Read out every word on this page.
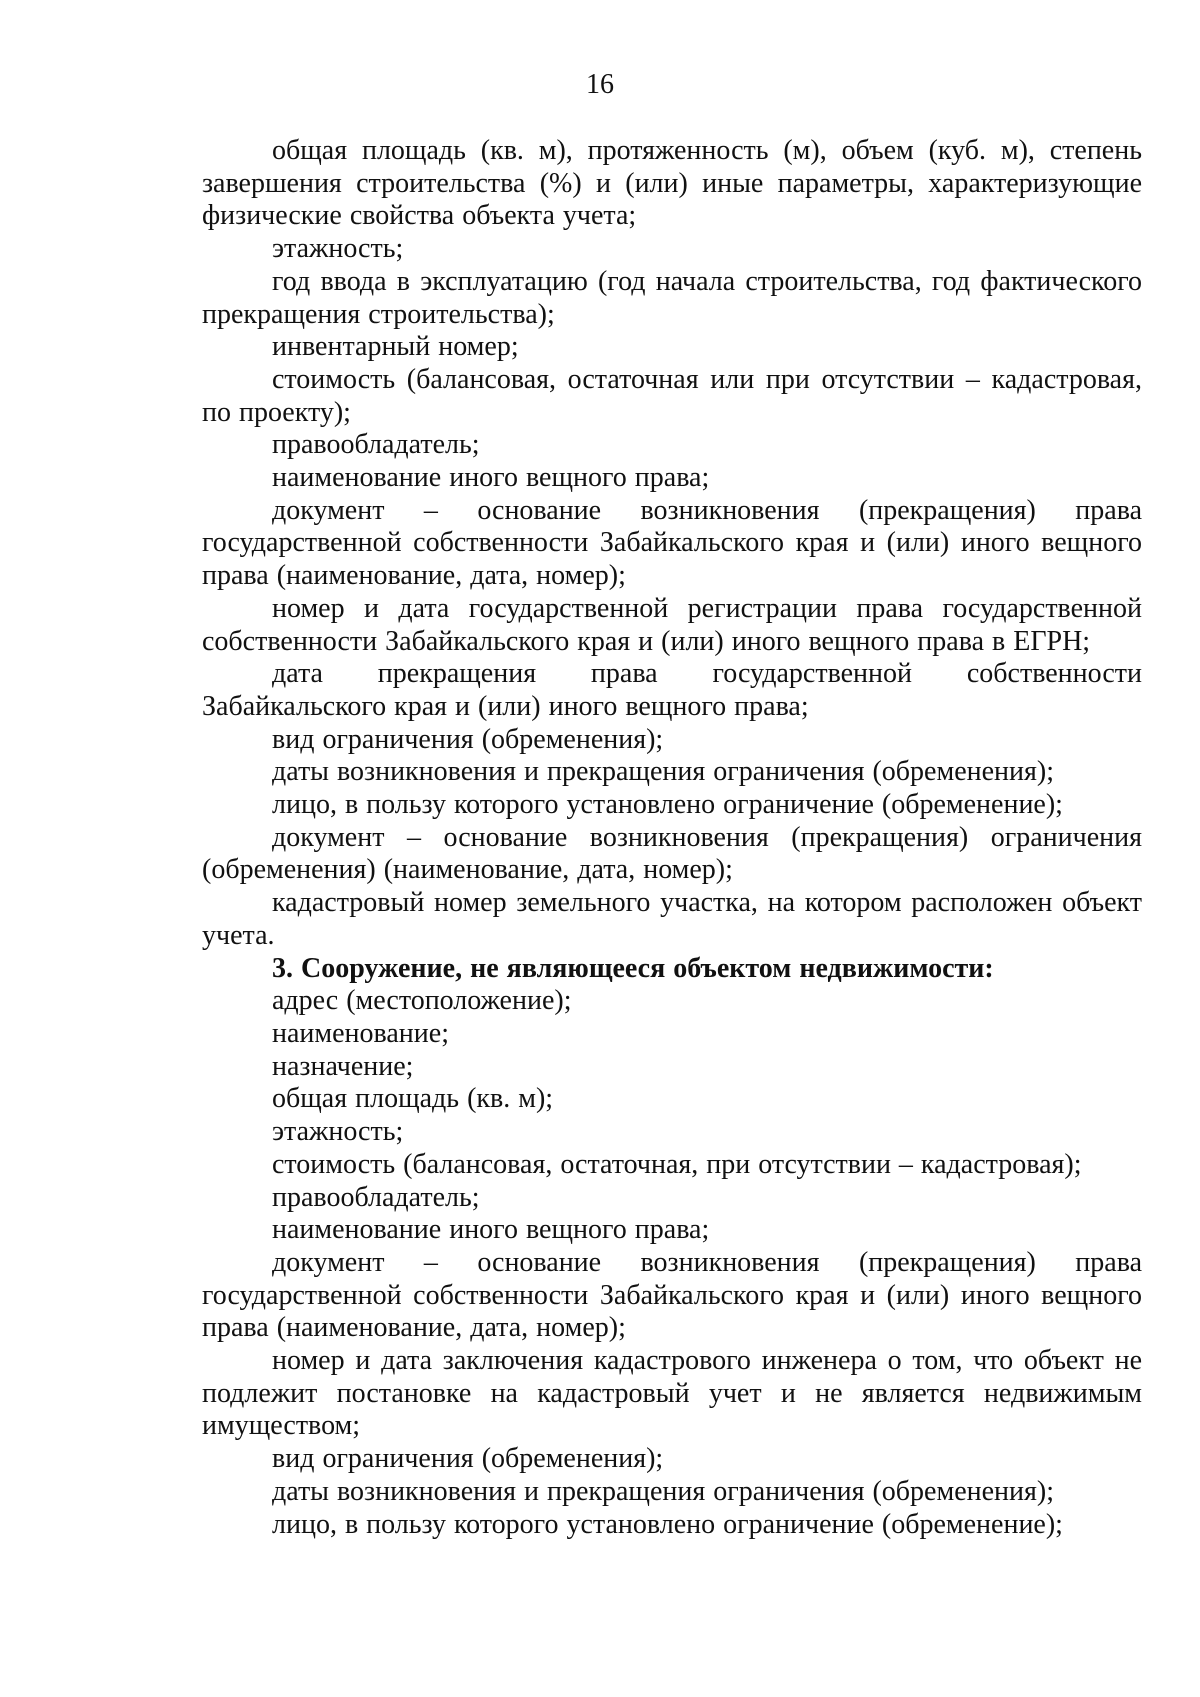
16

общая площадь (кв. м), протяженность (м), объем (куб. м), степень завершения строительства (%) и (или) иные параметры, характеризующие физические свойства объекта учета;

этажность;

год ввода в эксплуатацию (год начала строительства, год фактического прекращения строительства);

инвентарный номер;

стоимость (балансовая, остаточная или при отсутствии – кадастровая, по проекту);

правообладатель;

наименование иного вещного права;

документ – основание возникновения (прекращения) права государственной собственности Забайкальского края и (или) иного вещного права (наименование, дата, номер);

номер и дата государственной регистрации права государственной собственности Забайкальского края и (или) иного вещного права в ЕГРН;

дата прекращения права государственной собственности Забайкальского края и (или) иного вещного права;

вид ограничения (обременения);

даты возникновения и прекращения ограничения (обременения);

лицо, в пользу которого установлено ограничение (обременение);

документ – основание возникновения (прекращения) ограничения (обременения) (наименование, дата, номер);

кадастровый номер земельного участка, на котором расположен объект учета.

3. Сооружение, не являющееся объектом недвижимости:

адрес (местоположение);

наименование;

назначение;

общая площадь (кв. м);

этажность;

стоимость (балансовая, остаточная, при отсутствии – кадастровая);

правообладатель;

наименование иного вещного права;

документ – основание возникновения (прекращения) права государственной собственности Забайкальского края и (или) иного вещного права (наименование, дата, номер);

номер и дата заключения кадастрового инженера о том, что объект не подлежит постановке на кадастровый учет и не является недвижимым имуществом;

вид ограничения (обременения);

даты возникновения и прекращения ограничения (обременения);

лицо, в пользу которого установлено ограничение (обременение);
